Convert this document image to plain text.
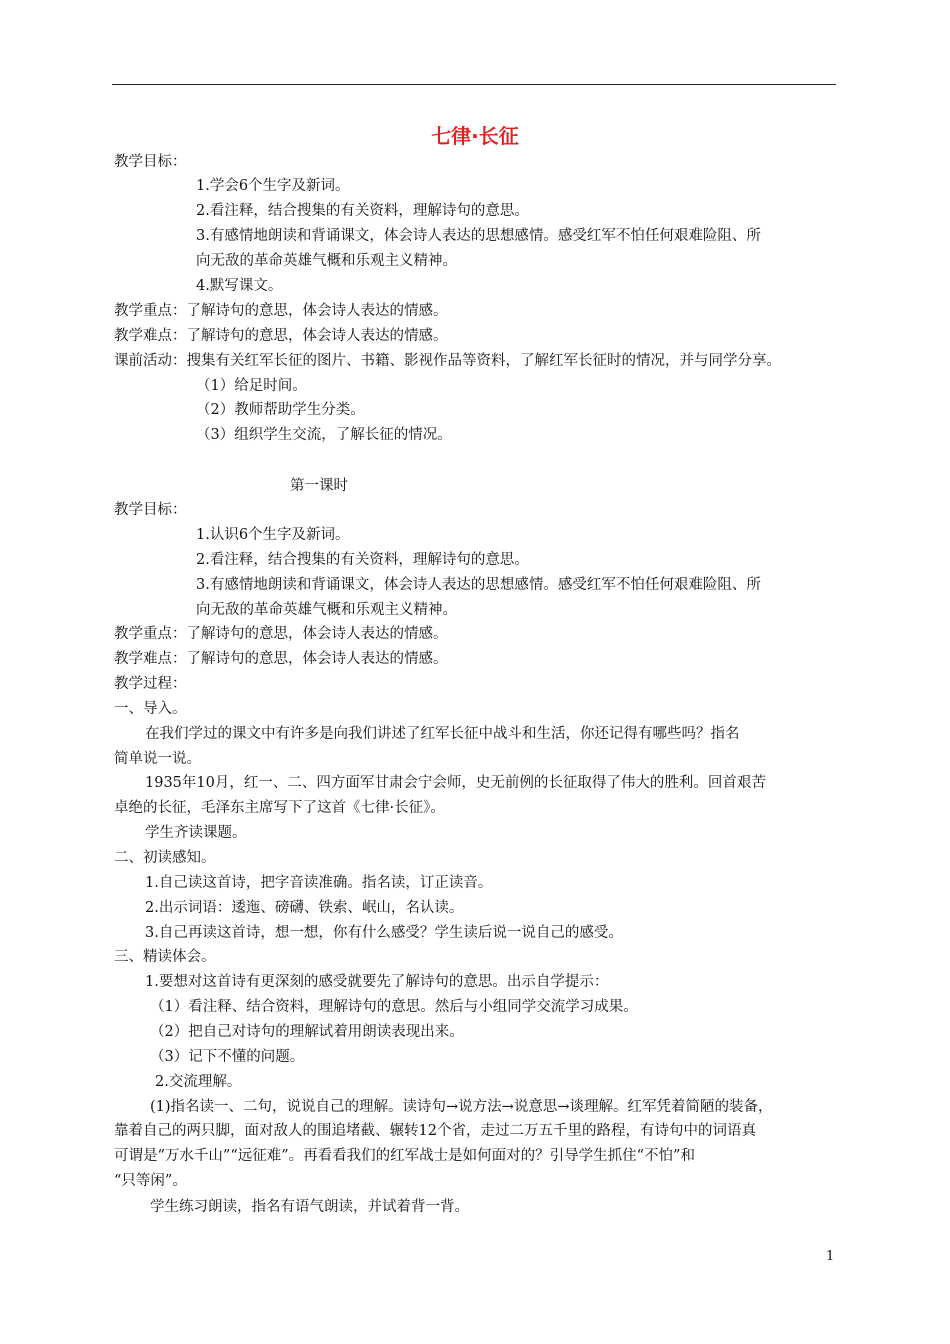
七律·长征
教学目标：
1.学会6个生字及新词。
2.看注释，结合搜集的有关资料，理解诗句的意思。
3.有感情地朗读和背诵课文，体会诗人表达的思想感情。感受红军不怕任何艰难险阻、所
向无敌的革命英雄气概和乐观主义精神。
4.默写课文。
教学重点：了解诗句的意思，体会诗人表达的情感。
教学难点：了解诗句的意思，体会诗人表达的情感。
课前活动：搜集有关红军长征的图片、书籍、影视作品等资料，了解红军长征时的情况，并与同学分享。
（1）给足时间。
（2）教师帮助学生分类。
（3）组织学生交流，了解长征的情况。
第一课时
教学目标：
1.认识6个生字及新词。
2.看注释，结合搜集的有关资料，理解诗句的意思。
3.有感情地朗读和背诵课文，体会诗人表达的思想感情。感受红军不怕任何艰难险阻、所
向无敌的革命英雄气概和乐观主义精神。
教学重点：了解诗句的意思，体会诗人表达的情感。
教学难点：了解诗句的意思，体会诗人表达的情感。
教学过程：
一、导入。
在我们学过的课文中有许多是向我们讲述了红军长征中战斗和生活，你还记得有哪些吗？指名
简单说一说。
1935年10月，红一、二、四方面军甘肃会宁会师，史无前例的长征取得了伟大的胜利。回首艰苦
卓绝的长征，毛泽东主席写下了这首《七律·长征》。
学生齐读课题。
二、初读感知。
1.自己读这首诗，把字音读准确。指名读，订正读音。
2.出示词语：逶迤、磅礴、铁索、岷山，名认读。
3.自己再读这首诗，想一想，你有什么感受？学生读后说一说自己的感受。
三、精读体会。
1.要想对这首诗有更深刻的感受就要先了解诗句的意思。出示自学提示：
（1）看注释、结合资料，理解诗句的意思。然后与小组同学交流学习成果。
（2）把自己对诗句的理解试着用朗读表现出来。
（3）记下不懂的问题。
2.交流理解。
(1)指名读一、二句，说说自己的理解。读诗句→说方法→说意思→谈理解。红军凭着简陋的装备，
靠着自己的两只脚，面对敌人的围追堵截、辗转12个省，走过二万五千里的路程，有诗句中的词语真
可谓是“万水千山”“远征难”。再看看我们的红军战士是如何面对的？引导学生抓住“不怕”和
“只等闲”。
学生练习朗读，指名有语气朗读，并试着背一背。
1
